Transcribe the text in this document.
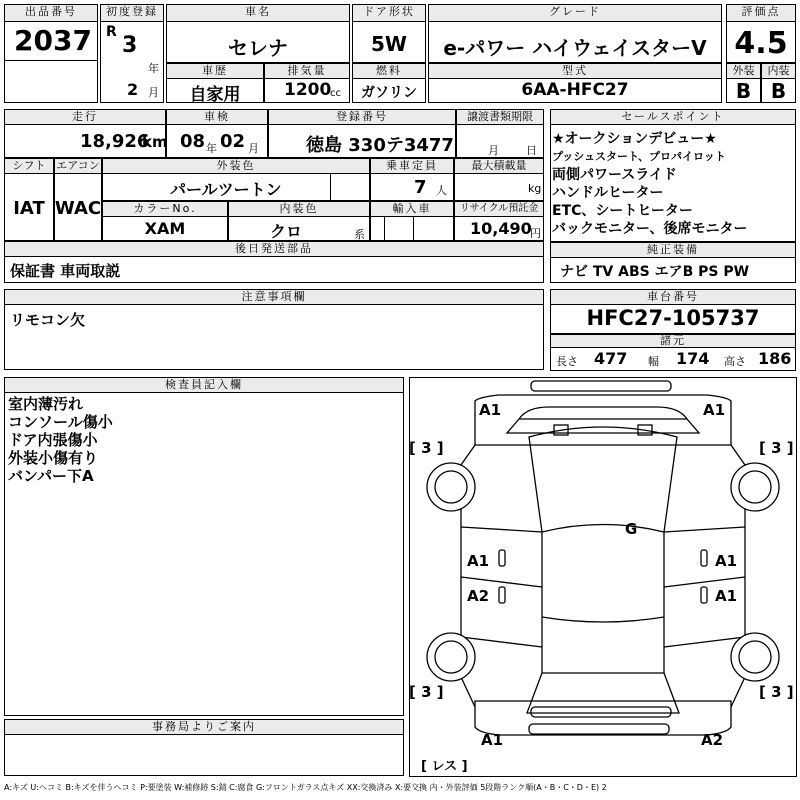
出品番号
2037
初度登録
R
3
年
2 月
車名
セレナ
ドア形状
5W
グレード
e-パワー ハイウェイスターV
評価点
4.5
車歴
自家用
排気量
1200
cc
燃料
ガソリン
型式
6AA-HFC27
外装	内装
B B
走行
18,926
km
車検
08 年 02 月
登録番号
徳島 330テ3477
譲渡書類期限
月 日
シフト エアコン
IAT WAC
外装色
パールツートン
乗車定員
7 人
最大積載量
kg
カラーNo.
XAM
内装色
クロ	系
輸入車	リサイクル預託金
10,490
円
後日発送部品
保証書 車両取説
セールスポイント
★オークションデビュー★
プッシュスタート、プロパイロット
両側パワースライド
ハンドルヒーター
ETC、シートヒーター
バックモニター、後席モニター
純正装備
ナビ TV ABS エアB PS PW
注意事項欄
リモコン欠
車台番号
HFC27-105737
諸元
長さ 477 幅 174 高さ 186
検査員記入欄
室内薄汚れ
コンソール傷小
ドア内張傷小
外装小傷有り
バンパー下A
事務局よりご案内
A1	A1
[ 3 ]	[ 3 ]
G
A1	A1
A2	A1
[ 3 ]	[ 3 ]
A1	A2
[ レス ]
A:キズ U:ヘコミ B:キズを伴うヘコミ P:要塗装 W:補修跡 S:錆 C:腐食 G:フロントガラス点キズ XX:交換済み X:要交換 内・外装評価 5段階ランク順(A・B・C・D・E) 2
